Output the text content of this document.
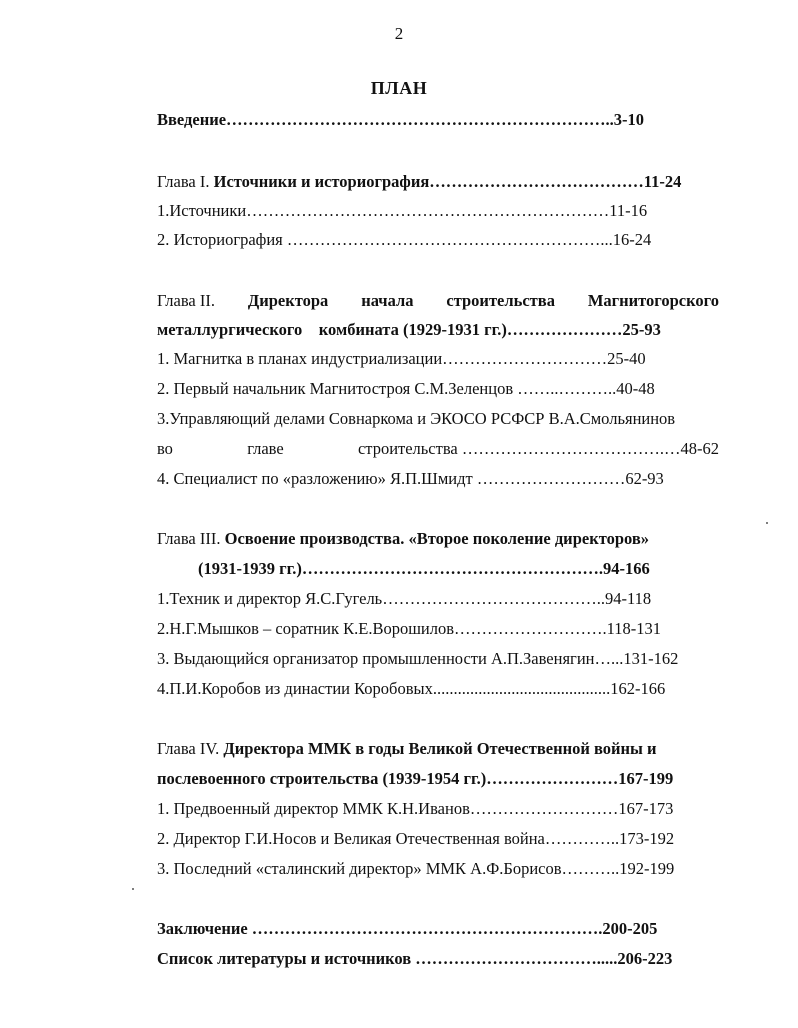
2
ПЛАН
Введение……………………………………………………………..3-10
Глава I. Источники и историография…………………………………11-24
1.Источники…………………………………………………………11-16
2. Историография …………………………………………………...16-24
Глава II. Директора начала строительства Магнитогорского
металлургического    комбината (1929-1931 гг.)…………………25-93
1. Магнитка в планах индустриализации…………………………25-40
2. Первый начальник Магнитостроя С.М.Зеленцов ……..………..40-48
3.Управляющий делами Совнаркома и ЭКОСО РСФСР В.А.Смольянинов
во	главе	строительства ……………………………….…48-62
4. Специалист по «разложению» Я.П.Шмидт ………………………62-93
Глава III. Освоение производства. «Второе поколение директоров»
(1931-1939 гг.)……………………………………………….94-166
1.Техник и директор Я.С.Гугель…………………………………..94-118
2.Н.Г.Мышков – соратник К.Е.Ворошилов……………………….118-131
3. Выдающийся организатор промышленности А.П.Завенягин…...131-162
4.П.И.Коробов из династии Коробовых...........................................162-166
Глава IV. Директора ММК в годы Великой Отечественной войны и
послевоенного строительства (1939-1954 гг.)……………………167-199
1. Предвоенный директор ММК К.Н.Иванов………………………167-173
2. Директор Г.И.Носов и Великая Отечественная война…………..173-192
3. Последний «сталинский директор» ММК А.Ф.Борисов………..192-199
Заключение ……………………………………………………….200-205
Список литературы и источников …………………………….....206-223
